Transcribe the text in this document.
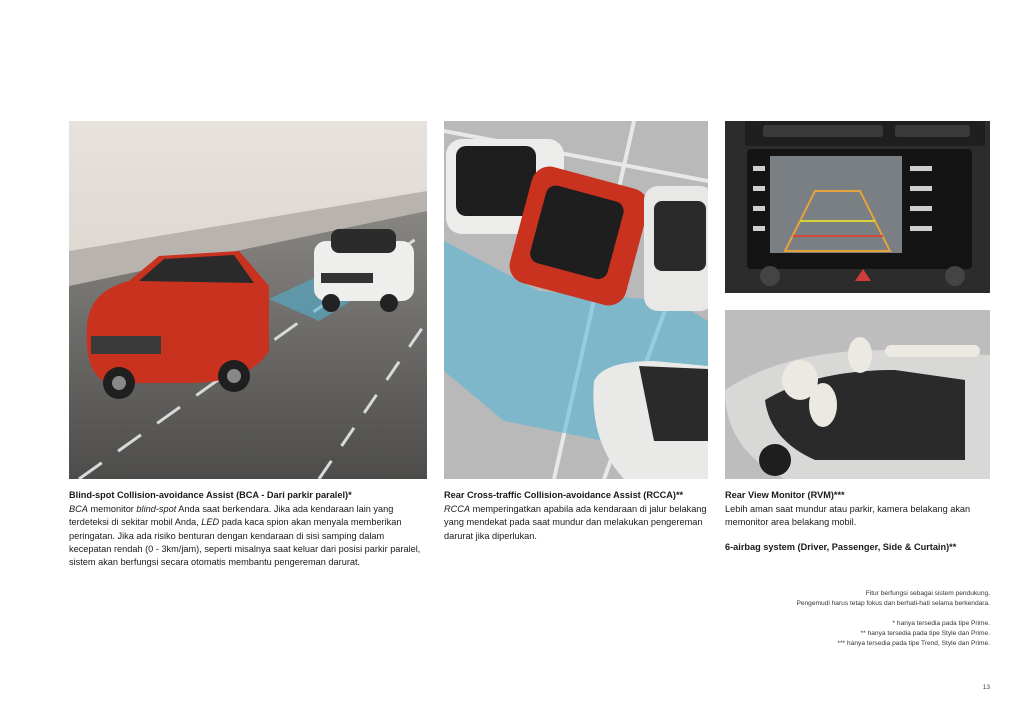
Blind-spot Collision-avoidance Assist (BCA - Dari parkir paralel)*
BCA memonitor blind-spot Anda saat berkendara. Jika ada kendaraan lain yang terdeteksi di sekitar mobil Anda, LED pada kaca spion akan menyala memberikan peringatan. Jika ada risiko benturan dengan kendaraan di sisi samping dalam kecepatan rendah (0 - 3km/jam), seperti misalnya saat keluar dari posisi parkir paralel, sistem akan berfungsi secara otomatis membantu pengereman darurat.
Rear Cross-traffic Collision-avoidance Assist (RCCA)**
RCCA memperingatkan apabila ada kendaraan di jalur belakang yang mendekat pada saat mundur dan melakukan pengereman darurat jika diperlukan.
Rear View Monitor (RVM)***
Lebih aman saat mundur atau parkir, kamera belakang akan memonitor area belakang mobil.
6-airbag system (Driver, Passenger, Side & Curtain)**
Fitur berfungsi sebagai sistem pendukung.
Pengemudi harus tetap fokus dan berhati-hati selama berkendara.
* hanya tersedia pada tipe Prime.
** hanya tersedia pada tipe Style dan Prime.
*** hanya tersedia pada tipe Trend, Style dan Prime.
13
